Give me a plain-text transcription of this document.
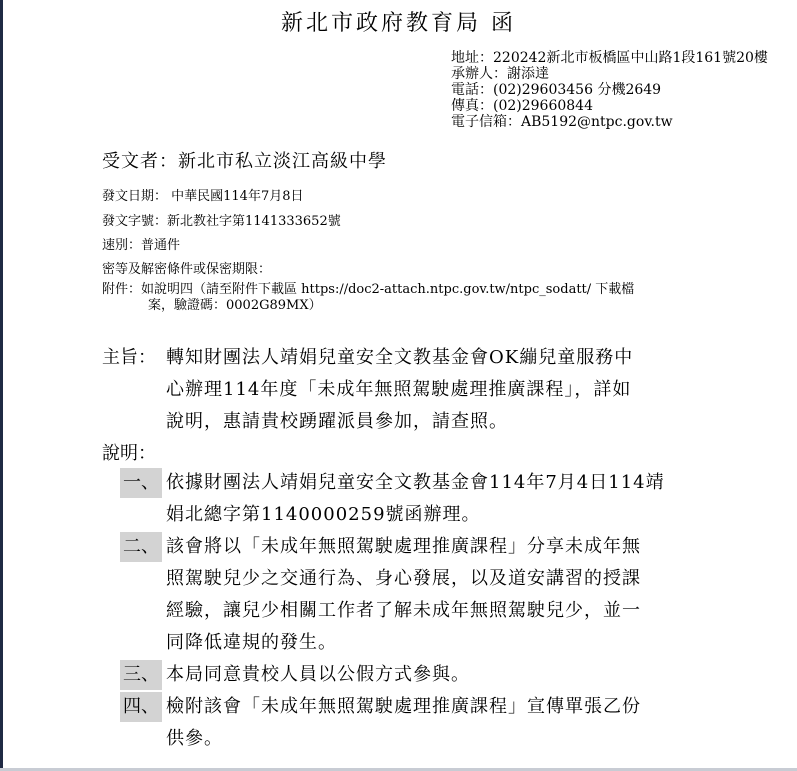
新北市政府教育局 函
地址：220242新北市板橋區中山路1段161號20樓
承辦人：謝添達
電話：(02)29603456 分機2649
傳真：(02)29660844
電子信箱：AB5192@ntpc.gov.tw
受文者：新北市私立淡江高級中學
發文日期： 中華民國114年7月8日
發文字號：新北教社字第1141333652號
速別：普通件
密等及解密條件或保密期限：
附件：如說明四（請至附件下載區 https://doc2-attach.ntpc.gov.tw/ntpc_sodatt/ 下載檔
案，驗證碼：0002G89MX）
主旨： 轉知財團法人靖娟兒童安全文教基金會OK繃兒童服務中
心辦理114年度「未成年無照駕駛處理推廣課程」，詳如
說明，惠請貴校踴躍派員參加，請查照。
說明：
一、 依據財團法人靖娟兒童安全文教基金會114年7月4日114靖
娟北總字第1140000259號函辦理。
二、 該會將以「未成年無照駕駛處理推廣課程」分享未成年無
照駕駛兒少之交通行為、身心發展，以及道安講習的授課
經驗，讓兒少相關工作者了解未成年無照駕駛兒少，並一
同降低違規的發生。
三、 本局同意貴校人員以公假方式參與。
四、 檢附該會「未成年無照駕駛處理推廣課程」宣傳單張乙份
供參。
